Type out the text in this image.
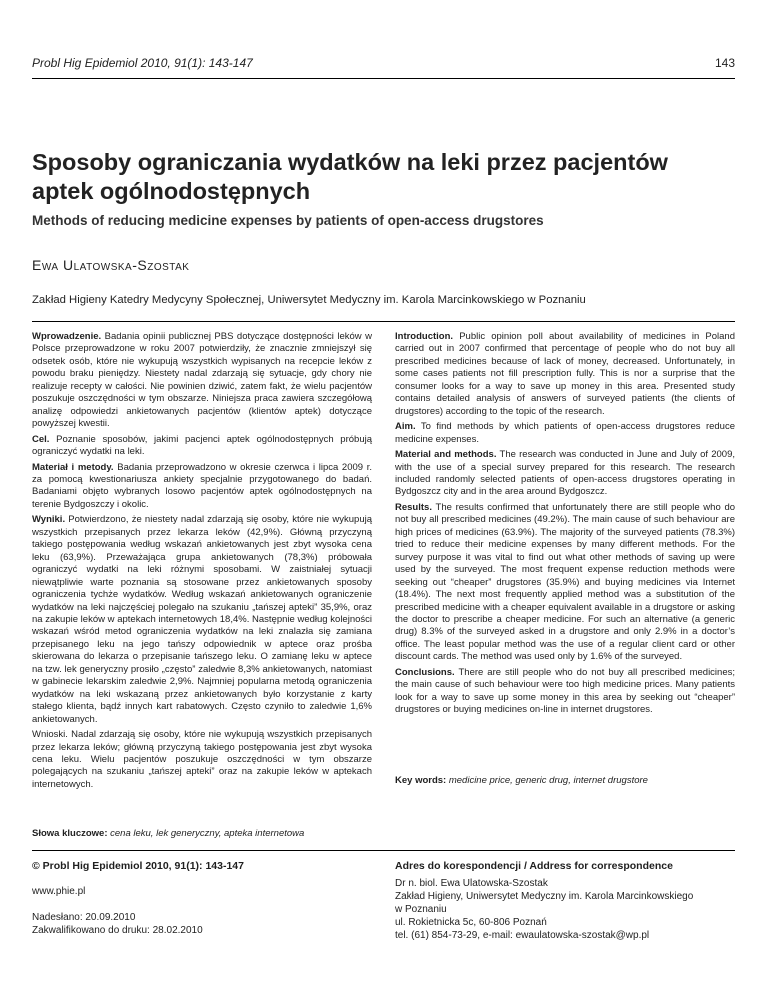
Probl Hig Epidemiol 2010, 91(1): 143-147	143
Sposoby ograniczania wydatków na leki przez pacjentów aptek ogólnodostępnych
Methods of reducing medicine expenses by patients of open-access drugstores
Ewa Ulatowska-Szostak
Zakład Higieny Katedry Medycyny Społecznej, Uniwersytet Medyczny im. Karola Marcinkowskiego w Poznaniu

Wprowadzenie. Badania opinii publicznej PBS dotyczące dostępności leków w Polsce przeprowadzone w roku 2007 potwierdziły, że znacznie zmniejszył się odsetek osób, które nie wykupują wszystkich wypisanych na recepcie leków z powodu braku pieniędzy. Niestety nadal zdarzają się sytuacje, gdy chory nie realizuje recepty w całości. Nie powinien dziwić, zatem fakt, że wielu pacjentów poszukuje oszczędności w tym obszarze. Niniejsza praca zawiera szczegółową analizę odpowiedzi ankietowanych pacjentów (klientów aptek) dotyczące powyższej kwestii.

Cel. Poznanie sposobów, jakimi pacjenci aptek ogólnodostępnych próbują ograniczyć wydatki na leki.

Materiał i metody. Badania przeprowadzono w okresie czerwca i lipca 2009 r. za pomocą kwestionariusza ankiety specjalnie przygotowanego do badań. Badaniami objęto wybranych losowo pacjentów aptek ogólnodostępnych na terenie Bydgoszczy i okolic.

Wyniki. Potwierdzono, że niestety nadal zdarzają się osoby, które nie wykupują wszystkich przepisanych przez lekarza leków (42,9%). Główną przyczyną takiego postępowania według wskazań ankietowanych jest zbyt wysoka cena leku (63,9%). Przeważająca grupa ankietowanych (78,3%) próbowała ograniczyć wydatki na leki różnymi sposobami. W zaistniałej sytuacji niewątpliwie warte poznania są stosowane przez ankietowanych sposoby ograniczenia tychże wydatków. Według wskazań ankietowanych ograniczenie wydatków na leki najczęściej polegało na szukaniu „tańszej apteki” 35,9%, oraz na zakupie leków w aptekach internetowych 18,4%. Następnie według kolejności wskazań wśród metod ograniczenia wydatków na leki znalazła się zamiana przepisanego leku na jego tańszy odpowiednik w aptece oraz prośba skierowana do lekarza o przepisanie tańszego leku. O zamianę leku w aptece na tzw. lek generyczny prosiło „często” zaledwie 8,3% ankietowanych, natomiast w gabinecie lekarskim zaledwie 2,9%. Najmniej popularna metodą ograniczenia wydatków na leki wskazaną przez ankietowanych było korzystanie z karty stałego klienta, bądź innych kart rabatowych. Często czyniło to zaledwie 1,6% ankietowanych.

Wnioski. Nadal zdarzają się osoby, które nie wykupują wszystkich przepisanych przez lekarza leków; główną przyczyną takiego postępowania jest zbyt wysoka cena leku. Wielu pacjentów poszukuje oszczędności w tym obszarze polegających na szukaniu „tańszej apteki” oraz na zakupie leków w aptekach internetowych.

Introduction. Public opinion poll about availability of medicines in Poland carried out in 2007 confirmed that percentage of people who do not buy all prescribed medicines because of lack of money, decreased. Unfortunately, in some cases patients not fill prescription fully. This is nor a surprise that the consumer looks for a way to save up money in this area. Presented study contains detailed analysis of answers of surveyed patients (the clients of drugstores) according to the topic of the research.

Aim. To find methods by which patients of open-access drugstores reduce medicine expenses.

Material and methods. The research was conducted in June and July of 2009, with the use of a special survey prepared for this research. The research included randomly selected patients of open-access drugstores operating in Bydgoszcz city and in the area around Bydgoszcz.

Results. The results confirmed that unfortunately there are still people who do not buy all prescribed medicines (49.2%). The main cause of such behaviour are high prices of medicines (63.9%). The majority of the surveyed patients (78.3%) tried to reduce their medicine expenses by many different methods. For the survey purpose it was vital to find out what other methods of saving up were used by the surveyed. The most frequent expense reduction methods were seeking out “cheaper” drugstores (35.9%) and buying medicines via Internet (18.4%). The next most frequently applied method was a substitution of the prescribed medicine with a cheaper equivalent available in a drugstore or asking the doctor to prescribe a cheaper medicine. For such an alternative (a generic drug) 8.3% of the surveyed asked in a drugstore and only 2.9% in a doctor’s office. The least popular method was the use of a regular client card or other discount cards. The method was used only by 1.6% of the surveyed.

Conclusions. There are still people who do not buy all prescribed medicines; the main cause of such behaviour were too high medicine prices. Many patients look for a way to save up some money in this area by seeking out “cheaper” drugstores or buying medicines on-line in internet drugstores.

Key words: medicine price, generic drug, internet drugstore
Słowa kluczowe: cena leku, lek generyczny, apteka internetowa
© Probl Hig Epidemiol 2010, 91(1): 143-147
www.phie.pl
Nadesłano: 20.09.2010
Zakwalifikowano do druku: 28.02.2010
Adres do korespondencji / Address for correspondence
Dr n. biol. Ewa Ulatowska-Szostak
Zakład Higieny, Uniwersytet Medyczny im. Karola Marcinkowskiego
w Poznaniu
ul. Rokietnicka 5c, 60-806 Poznań
tel. (61) 854-73-29, e-mail: ewaulatowska-szostak@wp.pl
